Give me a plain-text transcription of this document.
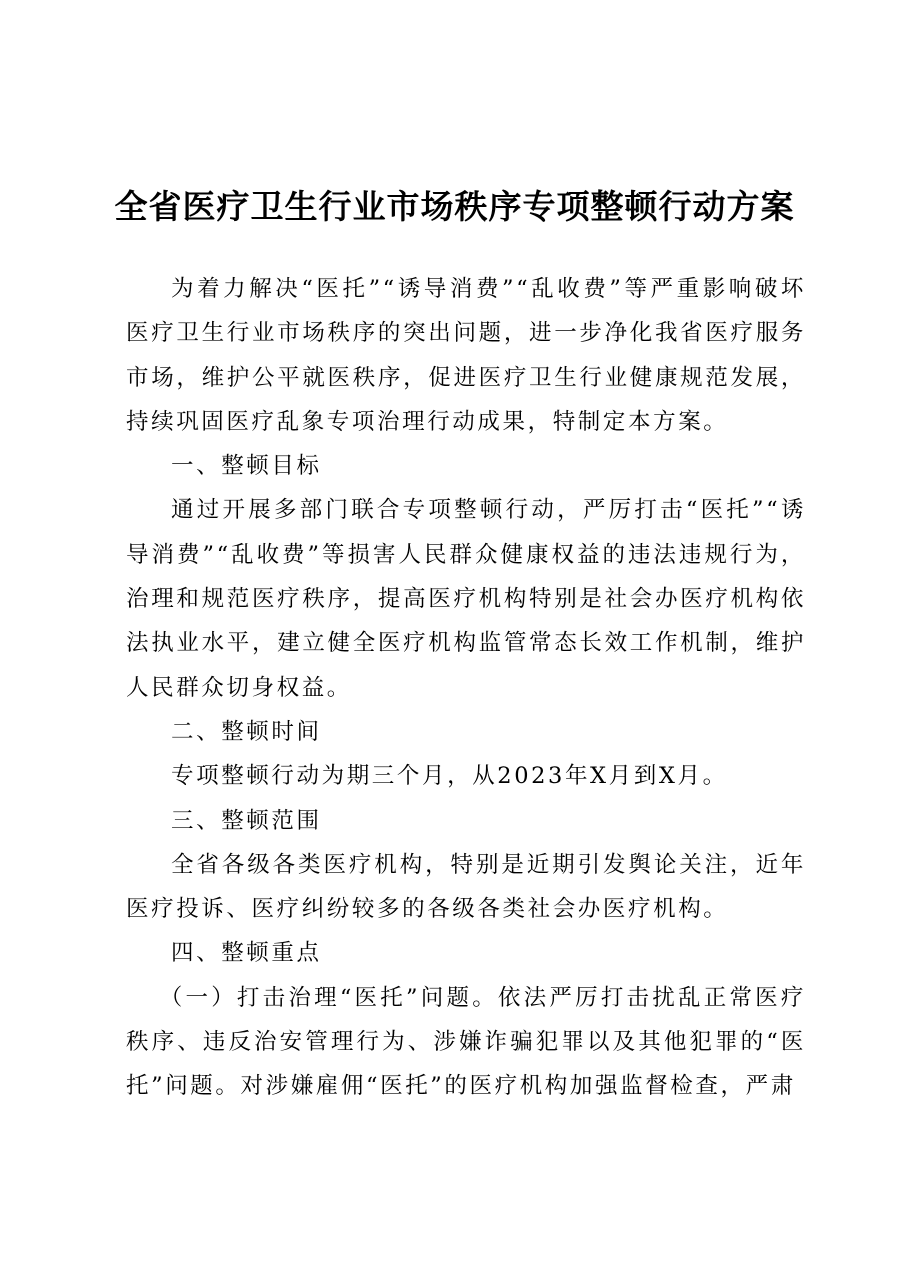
全省医疗卫生行业市场秩序专项整顿行动方案

为着力解决“医托”“诱导消费”“乱收费”等严重影响破坏医疗卫生行业市场秩序的突出问题，进一步净化我省医疗服务市场，维护公平就医秩序，促进医疗卫生行业健康规范发展，持续巩固医疗乱象专项治理行动成果，特制定本方案。

一、整顿目标

通过开展多部门联合专项整顿行动，严厉打击“医托”“诱导消费”“乱收费”等损害人民群众健康权益的违法违规行为，治理和规范医疗秩序，提高医疗机构特别是社会办医疗机构依法执业水平，建立健全医疗机构监管常态长效工作机制，维护人民群众切身权益。

二、整顿时间

专项整顿行动为期三个月，从2023年X月到X月。

三、整顿范围

全省各级各类医疗机构，特别是近期引发舆论关注，近年医疗投诉、医疗纠纷较多的各级各类社会办医疗机构。

四、整顿重点

（一）打击治理“医托”问题。依法严厉打击扰乱正常医疗秩序、违反治安管理行为、涉嫌诈骗犯罪以及其他犯罪的“医托”问题。对涉嫌雇佣“医托”的医疗机构加强监督检查，严肃
